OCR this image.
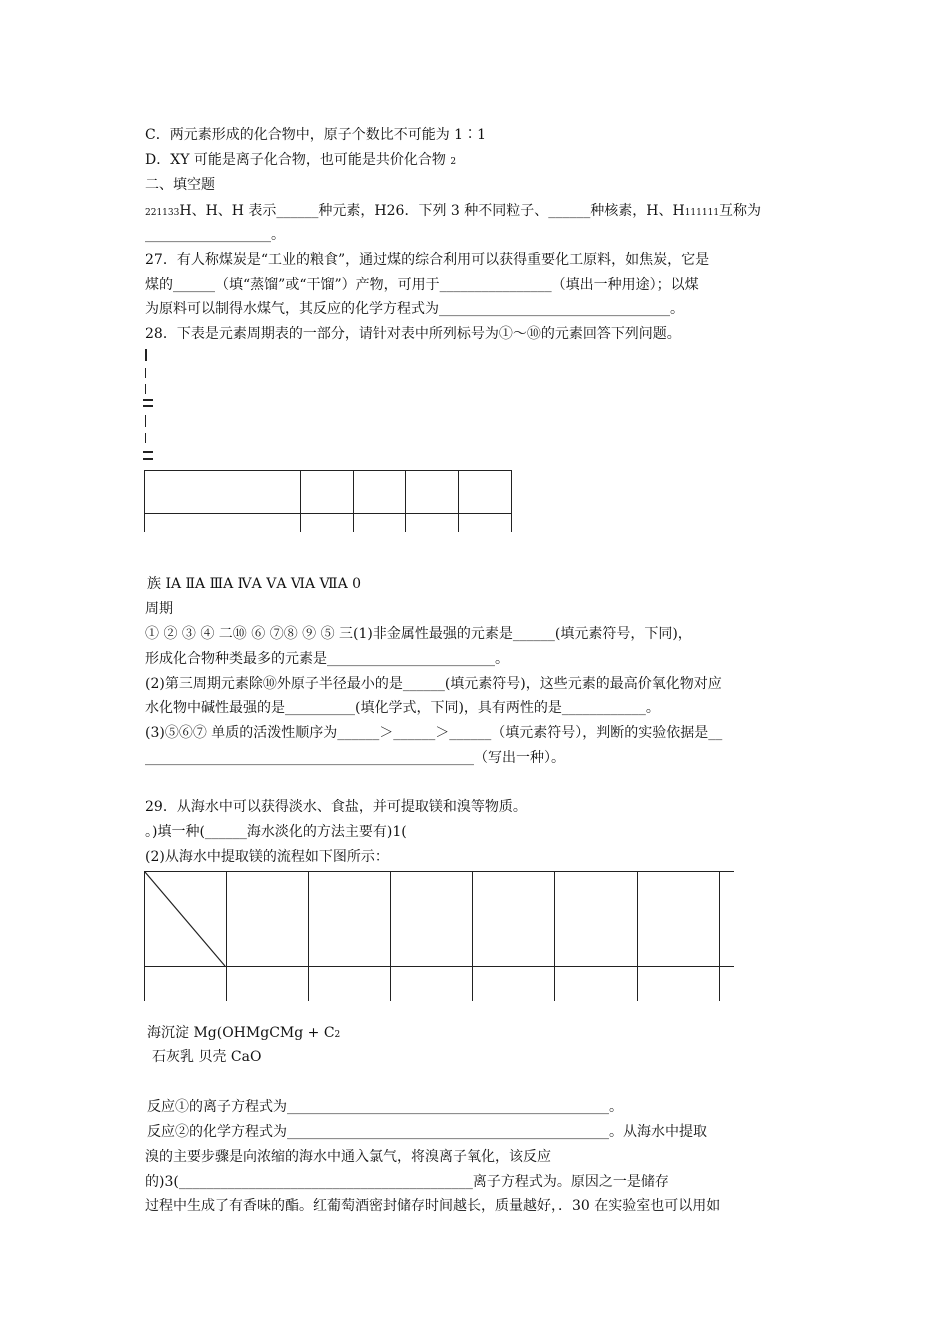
C．两元素形成的化合物中，原子个数比不可能为 1∶1
D．XY 可能是离子化合物，也可能是共价化合物 2
二、填空题
221133H、H、H 表示______种元素，H26．下列 3 种不同粒子、______种核素，H、H111111互称为
__________________。
27．有人称煤炭是“工业的粮食”，通过煤的综合利用可以获得重要化工原料，如焦炭，它是
煤的______（填“蒸馏”或“干馏”）产物，可用于________________（填出一种用途）；以煤
为原料可以制得水煤气，其反应的化学方程式为_________________________________。
28．下表是元素周期表的一部分，请针对表中所列标号为①～⑩的元素回答下列问题。
族 IA ⅡA ⅢA ⅣA ⅤA ⅥA ⅦA 0
周期
① ② ③ ④ 二⑩ ⑥ ⑦⑧ ⑨ ⑤ 三(1)非金属性最强的元素是______(填元素符号，下同)，
形成化合物种类最多的元素是________________________。
(2)第三周期元素除⑩外原子半径最小的是______(填元素符号)，这些元素的最高价氧化物对应
水化物中碱性最强的是__________(填化学式，下同)，具有两性的是____________。
(3)⑤⑥⑦ 单质的活泼性顺序为______＞______＞______（填元素符号），判断的实验依据是__
_______________________________________________（写出一种）。
29．从海水中可以获得淡水、食盐，并可提取镁和溴等物质。
。)填一种(______海水淡化的方法主要有)1(
(2)从海水中提取镁的流程如下图所示：
海沉淀 Mg(OHMgCMg + C2
石灰乳 贝壳 CaO
反应①的离子方程式为______________________________________________。
反应②的化学方程式为______________________________________________。从海水中提取
溴的主要步骤是向浓缩的海水中通入氯气，将溴离子氧化，该反应
的)3(__________________________________________离子方程式为。原因之一是储存
过程中生成了有香味的酯。红葡萄酒密封储存时间越长，质量越好，．30 在实验室也可以用如
